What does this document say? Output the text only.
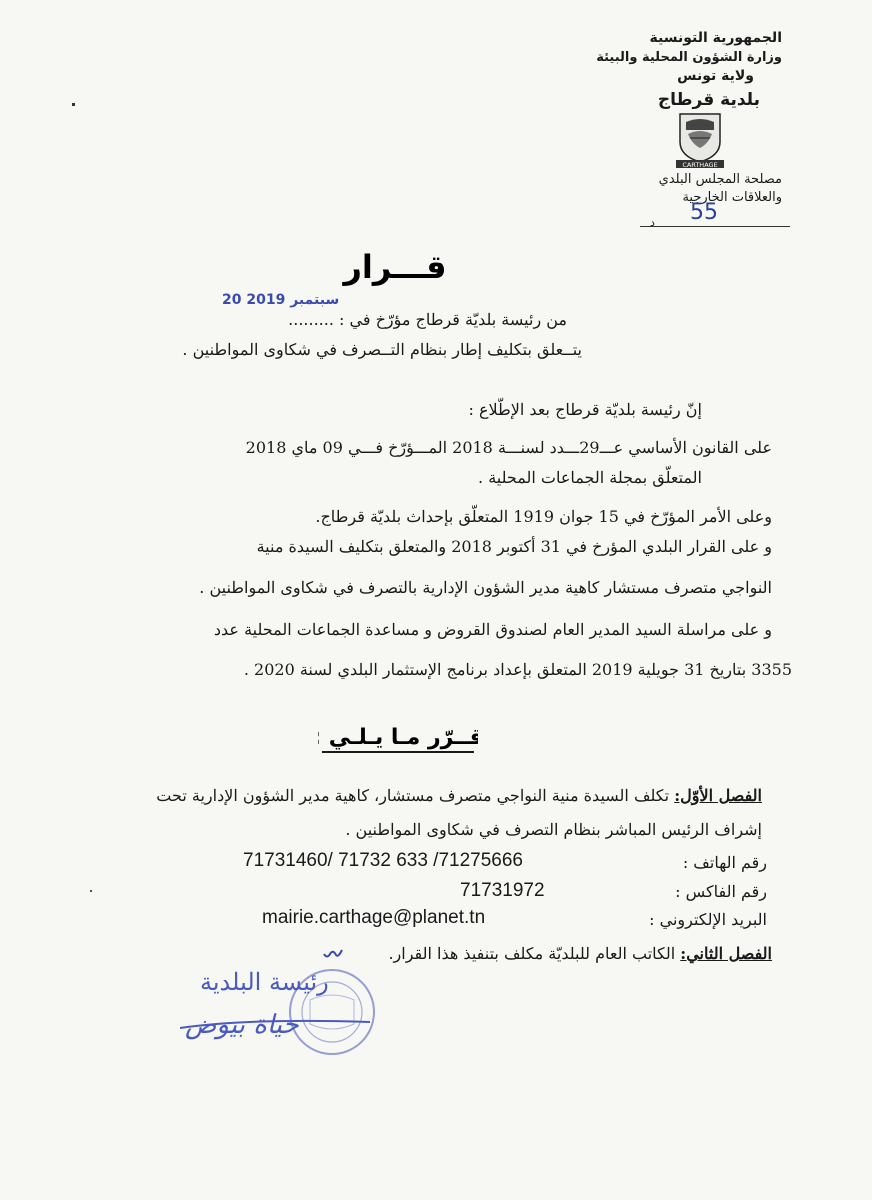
الجمهورية التونسية
وزارة الشؤون المحلية والبيئة
ولاية تونس
بلدية قرطاج
CARTHAGE
مصلحة المجلس البلدي
والعلاقات الخارجية
55
د
قـــرار
20 سبتمبر 2019
من رئيسة بلديّة قرطاج مؤرّخ في : .........
يتــعلق بتكليف إطار بنظام التــصرف في شكاوى المواطنين .
إنّ رئيسة بلديّة قرطاج بعد الإطّلاع :
على القانون الأساسي عـــ29ـــدد لسنـــة 2018 المـــؤرّخ فـــي 09 ماي 2018
المتعلّق بمجلة الجماعات المحلية .
وعلى الأمر المؤرّخ في 15 جوان 1919 المتعلّق بإحداث بلديّة قرطاج.
و على القرار البلدي المؤرخ في 31 أكتوبر 2018 والمتعلق بتكليف السيدة منية
النواجي متصرف مستشار كاهية مدير الشؤون الإدارية بالتصرف في شكاوى المواطنين .
و على مراسلة السيد المدير العام لصندوق القروض و مساعدة الجماعات المحلية عدد
3355 بتاريخ 31 جويلية 2019 المتعلق بإعداد برنامج الإستثمار البلدي لسنة 2020 .
قــرّر مـا يـلـي :
الفصل الأوّل: تكلف السيدة منية النواجي متصرف مستشار، كاهية مدير الشؤون الإدارية تحت
إشراف الرئيس المباشر بنظام التصرف في شكاوى المواطنين .
رقم الهاتف :
71731460/ 71732 633 /71275666
رقم الفاكس :
71731972
البريد الإلكتروني :
mairie.carthage@planet.tn
الفصل الثاني: الكاتب العام للبلديّة مكلف بتنفيذ هذا القرار.
رئيسة البلدية
حياة بيوض
